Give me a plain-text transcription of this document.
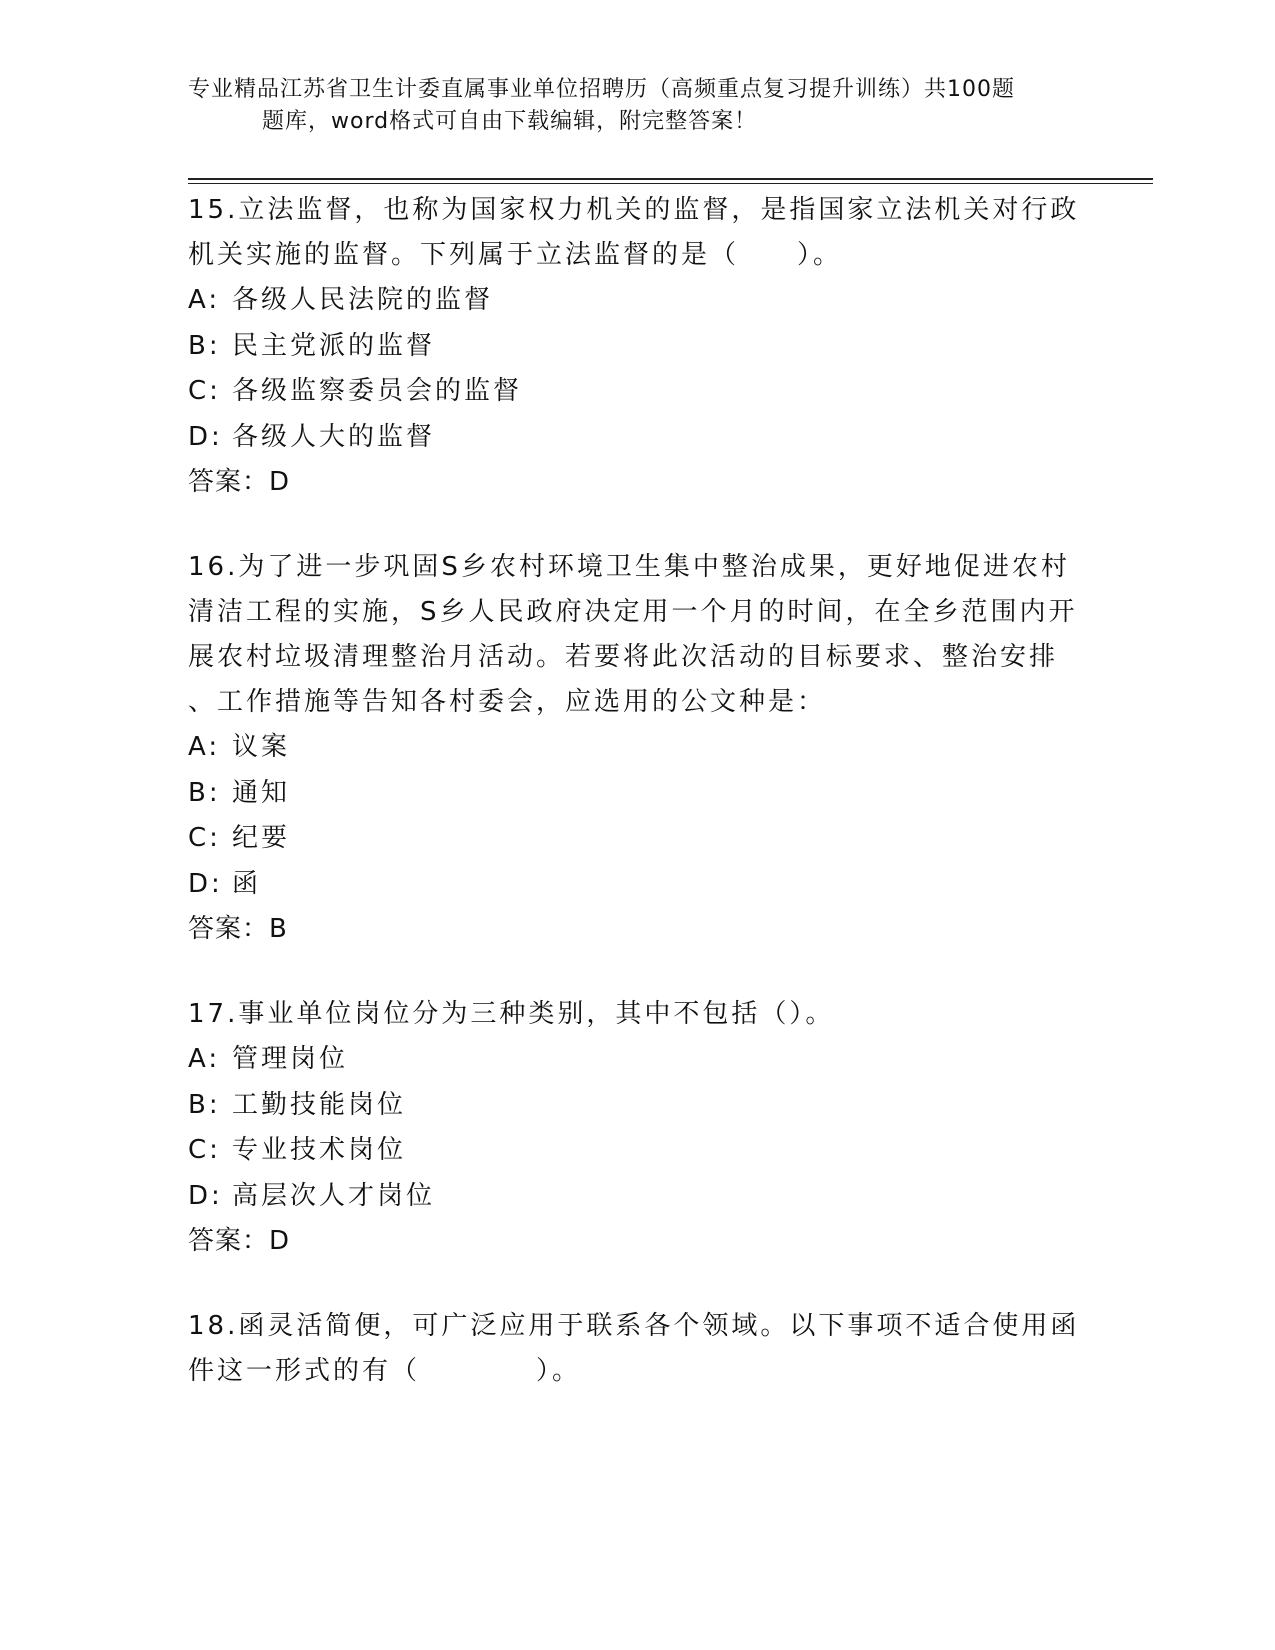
专业精品江苏省卫生计委直属事业单位招聘历（高频重点复习提升训练）共100题
题库，word格式可自由下载编辑，附完整答案！
15.立法监督，也称为国家权力机关的监督，是指国家立法机关对行政
机关实施的监督。下列属于立法监督的是（　　）。
A: 各级人民法院的监督
B: 民主党派的监督
C: 各级监察委员会的监督
D: 各级人大的监督
答案：D
16.为了进一步巩固S乡农村环境卫生集中整治成果，更好地促进农村
清洁工程的实施，S乡人民政府决定用一个月的时间，在全乡范围内开
展农村垃圾清理整治月活动。若要将此次活动的目标要求、整治安排
、工作措施等告知各村委会，应选用的公文种是：
A: 议案
B: 通知
C: 纪要
D: 函
答案：B
17.事业单位岗位分为三种类别，其中不包括（）。
A: 管理岗位
B: 工勤技能岗位
C: 专业技术岗位
D: 高层次人才岗位
答案：D
18.函灵活简便，可广泛应用于联系各个领域。以下事项不适合使用函
件这一形式的有（　　　　）。
